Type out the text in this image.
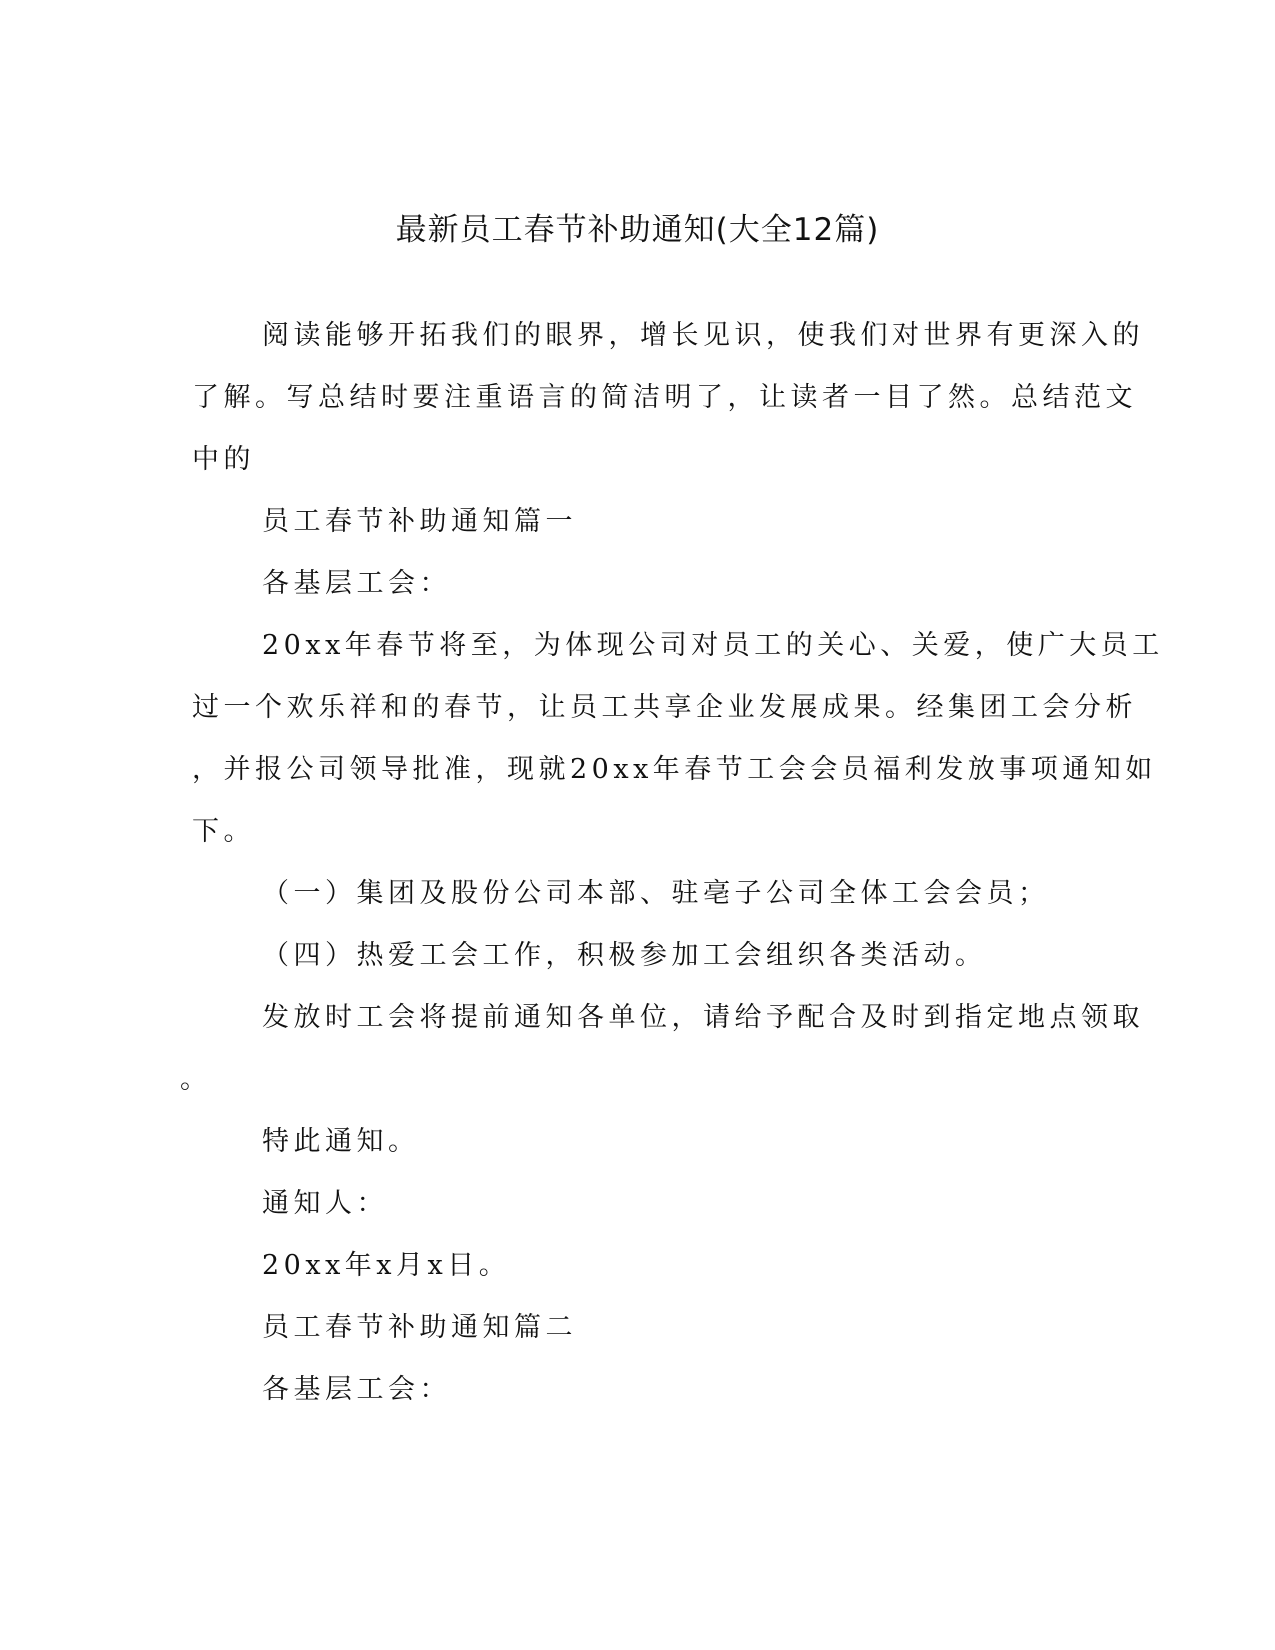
最新员工春节补助通知(大全12篇)
阅读能够开拓我们的眼界，增长见识，使我们对世界有更深入的
了解。写总结时要注重语言的简洁明了，让读者一目了然。总结范文
中的
员工春节补助通知篇一
各基层工会：
20xx年春节将至，为体现公司对员工的关心、关爱，使广大员工
过一个欢乐祥和的春节，让员工共享企业发展成果。经集团工会分析
，并报公司领导批准，现就20xx年春节工会会员福利发放事项通知如
下。
（一）集团及股份公司本部、驻亳子公司全体工会会员；
（四）热爱工会工作，积极参加工会组织各类活动。
发放时工会将提前通知各单位，请给予配合及时到指定地点领取
。
特此通知。
通知人：
20xx年x月x日。
员工春节补助通知篇二
各基层工会：
